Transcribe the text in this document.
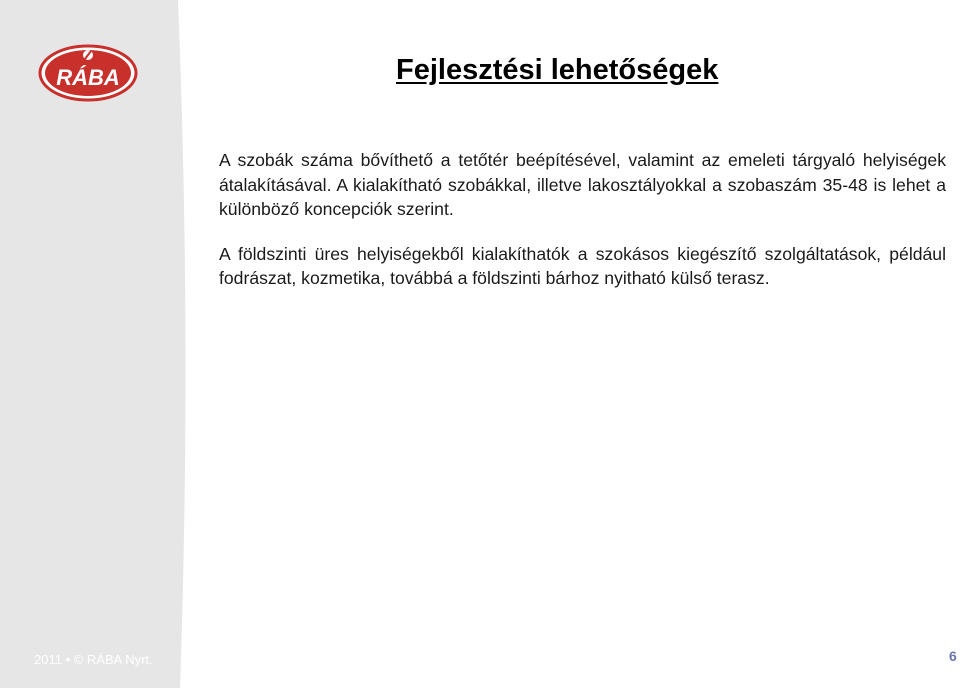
RÁBA	Fejlesztési lehetőségek

A szobák száma bővíthető a tetőtér beépítésével, valamint az emeleti tárgyaló helyiségek átalakításával. A kialakítható szobákkal, illetve lakosztályokkal a szobaszám 35-48 is lehet a különböző koncepciók szerint.

A földszinti üres helyiségekből kialakíthatók a szokásos kiegészítő szolgáltatások, például fodrászat, kozmetika, továbbá a földszinti bárhoz nyitható külső terasz.

2011 • © RÁBA Nyrt.	6
